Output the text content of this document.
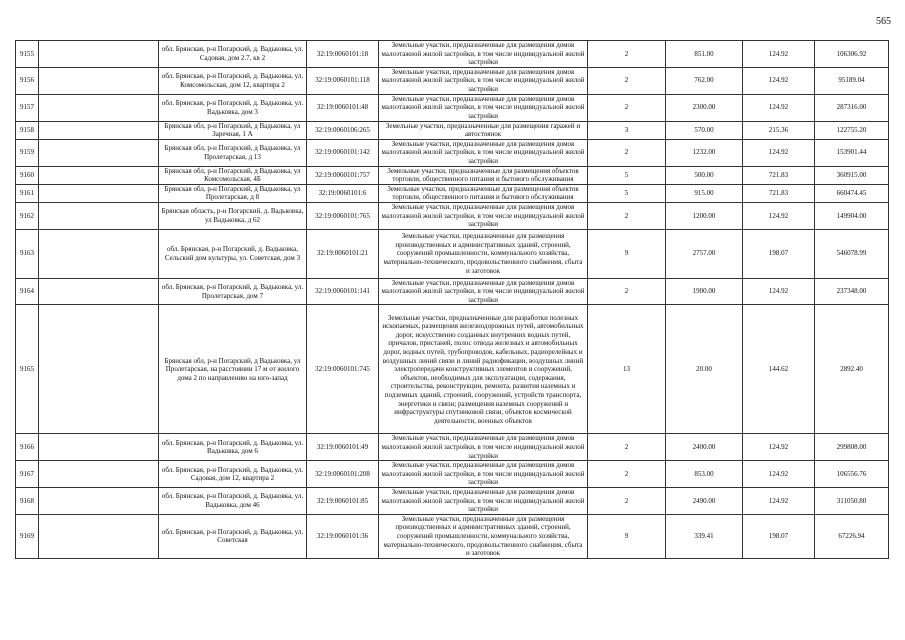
565
9155		обл. Брянская, р-н Погарский, д. Вадьковка, ул. Садовая, дом 2.7, кв 2	32:19:0060101:18	Земельные участки, предназначенные для размещения домов малоэтажной жилой застройки, в том числе индивидуальной жилой застройки	2	851.00	124.92	106306.92
9156		обл. Брянская, р-н Погарский, д. Вадьковка, ул. Комсомольская, дом 12, квартира 2	32:19:0060101:118	Земельные участки, предназначенные для размещения домов малоэтажной жилой застройки, в том числе индивидуальной жилой застройки	2	762.00	124.92	95189.04
9157		обл. Брянская, р-н Погарский, д. Вадьковка, ул. Вадьковка, дом 3	32:19:0060101:48	Земельные участки, предназначенные для размещения домов малоэтажной жилой застройки, в том числе индивидуальной жилой застройки	2	2300.00	124.92	287316.00
9158		Брянская обл, р-н Погарский, д Вадьковка, ул Заречная, 1 А	32:19:0060106:265	Земельные участки, предназначенные для размещения гаражей и автостоянок	3	570.00	215.36	122755.20
9159		Брянская обл, р-н Погарский, д Вадьковка, ул Пролетарская, д 13	32:19:0060101:142	Земельные участки, предназначенные для размещения домов малоэтажной жилой застройки, в том числе индивидуальной жилой застройки	2	1232.00	124.92	153901.44
9160		Брянская обл, р-н Погарский, д Вадьковка, ул Комсомольская, 4Б	32:19:0060101:757	Земельные участки, предназначенные для размещения объектов торговли, общественного питания и бытового обслуживания	5	500.00	721.83	360915.00
9161		Брянская обл, р-н Погарский, д Вадьковка, ул Пролетарская, д 8	32:19:0060101:6	Земельные участки, предназначенные для размещения объектов торговли, общественного питания и бытового обслуживания	5	915.00	721.83	660474.45
9162		Брянская область, р-н Погарский, д. Вадьковка, ул Вадьковка, д 62	32:19:0060101:765	Земельные участки, предназначенные для размещения домов малоэтажной жилой застройки, в том числе индивидуальной жилой застройки	2	1200.00	124.92	149904.00
9163		обл. Брянская, р-н Погарский, д. Вадьковка, Сельский дом культуры, ул. Советская, дом 3	32:19:0060101:21	Земельные участки, предназначенные для размещения производственных и административных зданий, строений, сооружений промышленности, коммунального хозяйства, материально-технического, продовольственного снабжения, сбыта и заготовок	9	2757.00	198.07	546078.99
9164		обл. Брянская, р-н Погарский, д. Вадьковка, ул. Пролетарская, дом 7	32:19:0060101:141	Земельные участки, предназначенные для размещения домов малоэтажной жилой застройки, в том числе индивидуальной жилой застройки	2	1900.00	124.92	237348.00
9165		Брянская обл, р-н Погарский, д Вадьковка, ул Пролетарская, на расстоянии 17 м от жилого дома 2 по направлению на юго-запад	32:19:0060101:745	Земельные участки, предназначенные для разработки полезных ископаемых, размещения железнодорожных путей, автомобильных дорог, искусственно созданных внутренних водных путей, причалов, пристаней, полос отвода железных и автомобильных дорог, водных путей, трубопроводов, кабельных, радиорелейных и воздушных линий связи и линий радиофикации, воздушных линий электропередачи конструктивных элементов и сооружений, объектов, необходимых для эксплуатации, содержания, строительства, реконструкции, ремонта, развития наземных и подземных зданий, строений, сооружений, устройств транспорта, энергетики и связи; размещения наземных сооружений и инфраструктуры спутниковой связи, объектов космической деятельности, военных объектов	13	20.00	144.62	2892.40
9166		обл. Брянская, р-н Погарский, д. Вадьковка, ул. Вадьковка, дом 6	32:19:0060101:49	Земельные участки, предназначенные для размещения домов малоэтажной жилой застройки, в том числе индивидуальной жилой застройки	2	2400.00	124.92	299808.00
9167		обл. Брянская, р-н Погарский, д. Вадьковка, ул. Садовая, дом 12, квартира 2	32:19:0060101:208	Земельные участки, предназначенные для размещения домов малоэтажной жилой застройки, в том числе индивидуальной жилой застройки	2	853.00	124.92	106556.76
9168		обл. Брянская, р-н Погарский, д. Вадьковка, ул. Вадьковка, дом 46	32:19:0060101:85	Земельные участки, предназначенные для размещения домов малоэтажной жилой застройки, в том числе индивидуальной жилой застройки	2	2490.00	124.92	311050.80
9169		обл. Брянская, р-н Погарский, д. Вадьковка, ул. Советская	32:19:0060101:36	Земельные участки, предназначенные для размещения производственных и административных зданий, строений, сооружений промышленности, коммунального хозяйства, материально-технического, продовольственного снабжения, сбыта и заготовок	9	339.41	198.07	67226.94
